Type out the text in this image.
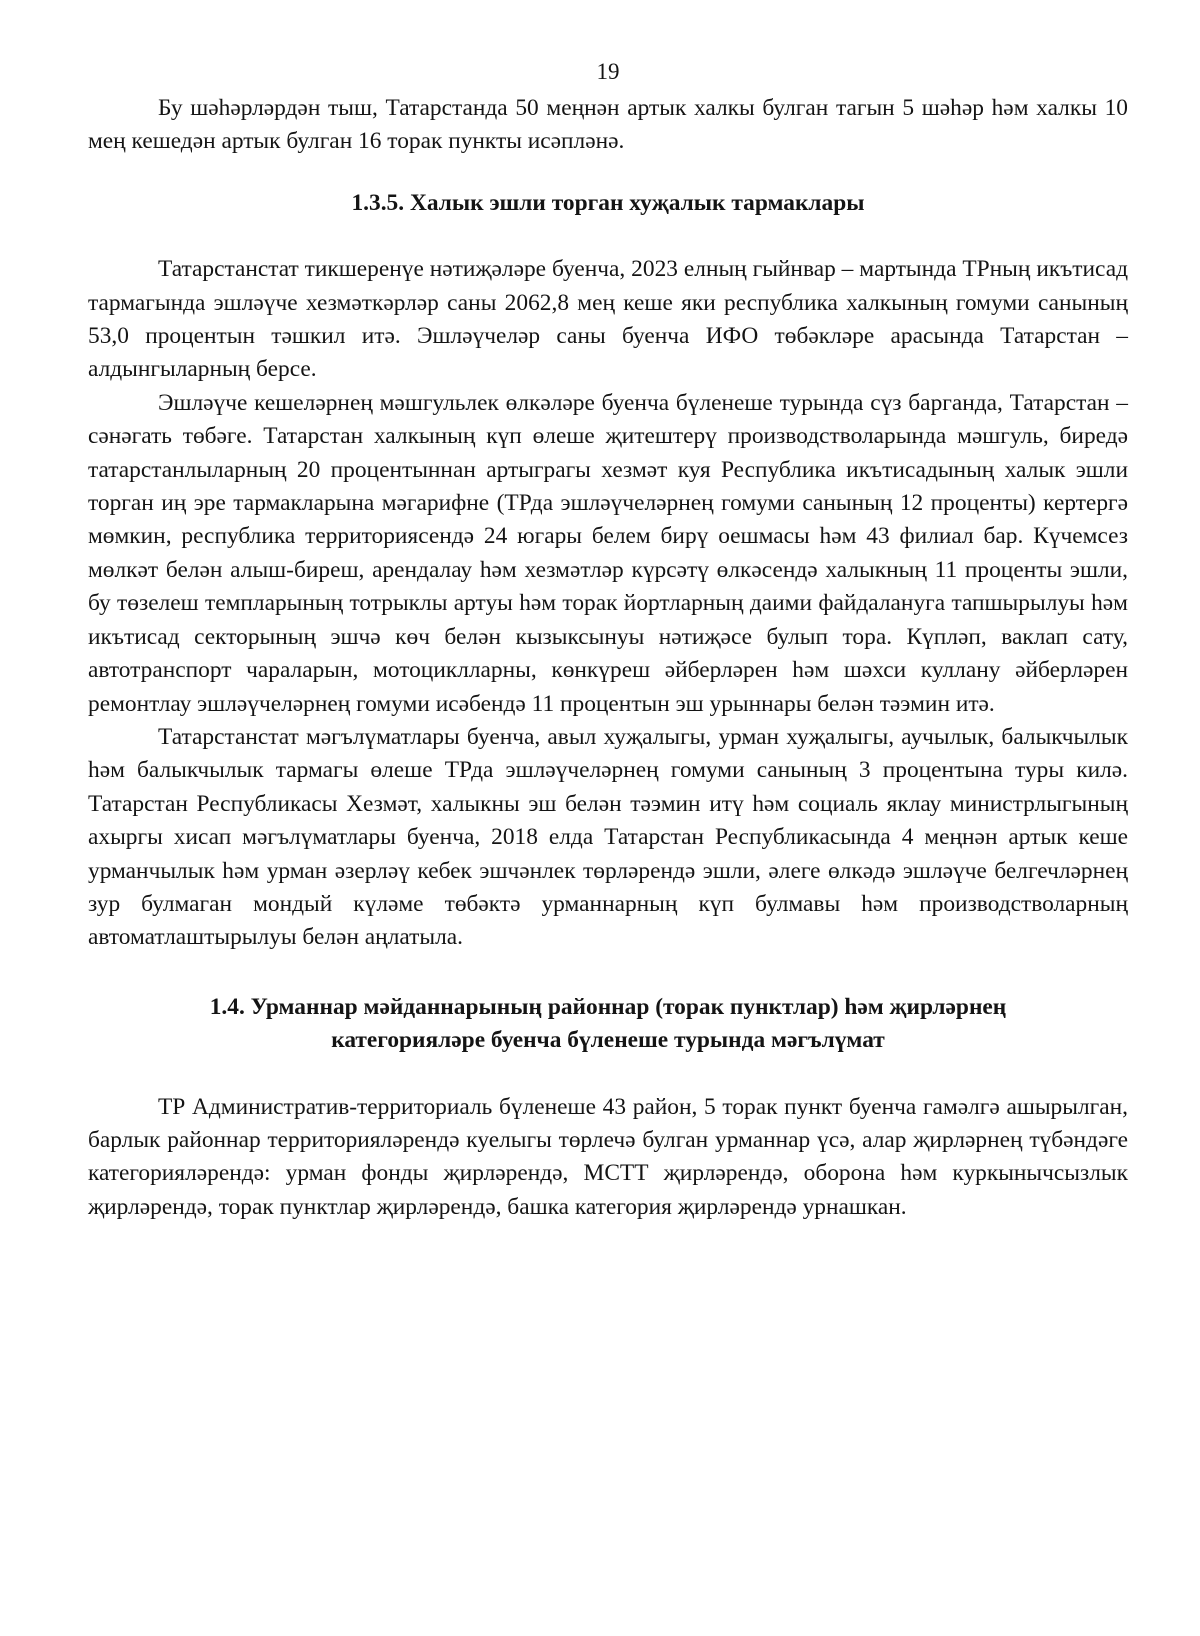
19

Бу шәһәрләрдән тыш, Татарстанда 50 меңнән артык халкы булган тагын 5 шәһәр һәм халкы 10 мең кешедән артык булган 16 торак пункты исәпләнә.

1.3.5. Халык эшли торган хуҗалык тармаклары

Татарстанстат тикшеренүе нәтиҗәләре буенча, 2023 елның гыйнвар – мартында ТРның икътисад тармагында эшләүче хезмәткәрләр саны 2062,8 мең кеше яки республика халкының гомуми санының 53,0 процентын тәшкил итә. Эшләүчеләр саны буенча ИФО төбәкләре арасында Татарстан – алдынгыларның берсе.

Эшләүче кешеләрнең мәшгульлек өлкәләре буенча бүленеше турында сүз барганда, Татарстан – сәнәгать төбәге. Татарстан халкының күп өлеше җитештерү производстволарында мәшгуль, биредә татарстанлыларның 20 процентыннан артыграгы хезмәт куя Республика икътисадының халык эшли торган иң эре тармакларына мәгарифне (ТРда эшләүчеләрнең гомуми санының 12 проценты) кертергә мөмкин, республика территориясендә 24 югары белем бирү оешмасы һәм 43 филиал бар. Күчемсез мөлкәт белән алыш-биреш, арендалау һәм хезмәтләр күрсәтү өлкәсендә халыкның 11 проценты эшли, бу төзелеш темпларының тотрыклы артуы һәм торак йортларның даими файдалануга тапшырылуы һәм икътисад секторының эшчә көч белән кызыксынуы нәтиҗәсе булып тора. Күпләп, ваклап сату, автотранспорт чараларын, мотоциклларны, көнкүреш әйберләрен һәм шәхси куллану әйберләрен ремонтлау эшләүчеләрнең гомуми исәбендә 11 процентын эш урыннары белән тәэмин итә.

Татарстанстат мәгълүматлары буенча, авыл хуҗалыгы, урман хуҗалыгы, аучылык, балыкчылык һәм балыкчылык тармагы өлеше ТРда эшләүчеләрнең гомуми санының 3 процентына туры килә. Татарстан Республикасы Хезмәт, халыкны эш белән тәэмин итү һәм социаль яклау министрлыгының ахыргы хисап мәгълүматлары буенча, 2018 елда Татарстан Республикасында 4 меңнән артык кеше урманчылык һәм урман әзерләү кебек эшчәнлек төрләрендә эшли, әлеге өлкәдә эшләүче белгечләрнең зур булмаган мондый күләме төбәктә урманнарның күп булмавы һәм производстволарның автоматлаштырылуы белән аңлатыла.

1.4. Урманнар мәйданнарының районнар (торак пунктлар) һәм җирләрнең
категорияләре буенча бүленеше турында мәгълүмат

ТР Административ-территориаль бүленеше 43 район, 5 торак пункт буенча гамәлгә ашырылган, барлык районнар территорияләрендә куелыгы төрлечә булган урманнар үсә, алар җирләрнең түбәндәге категорияләрендә: урман фонды җирләрендә, МСТТ җирләрендә, оборона һәм куркынычсызлык җирләрендә, торак пунктлар җирләрендә, башка категория җирләрендә урнашкан.
